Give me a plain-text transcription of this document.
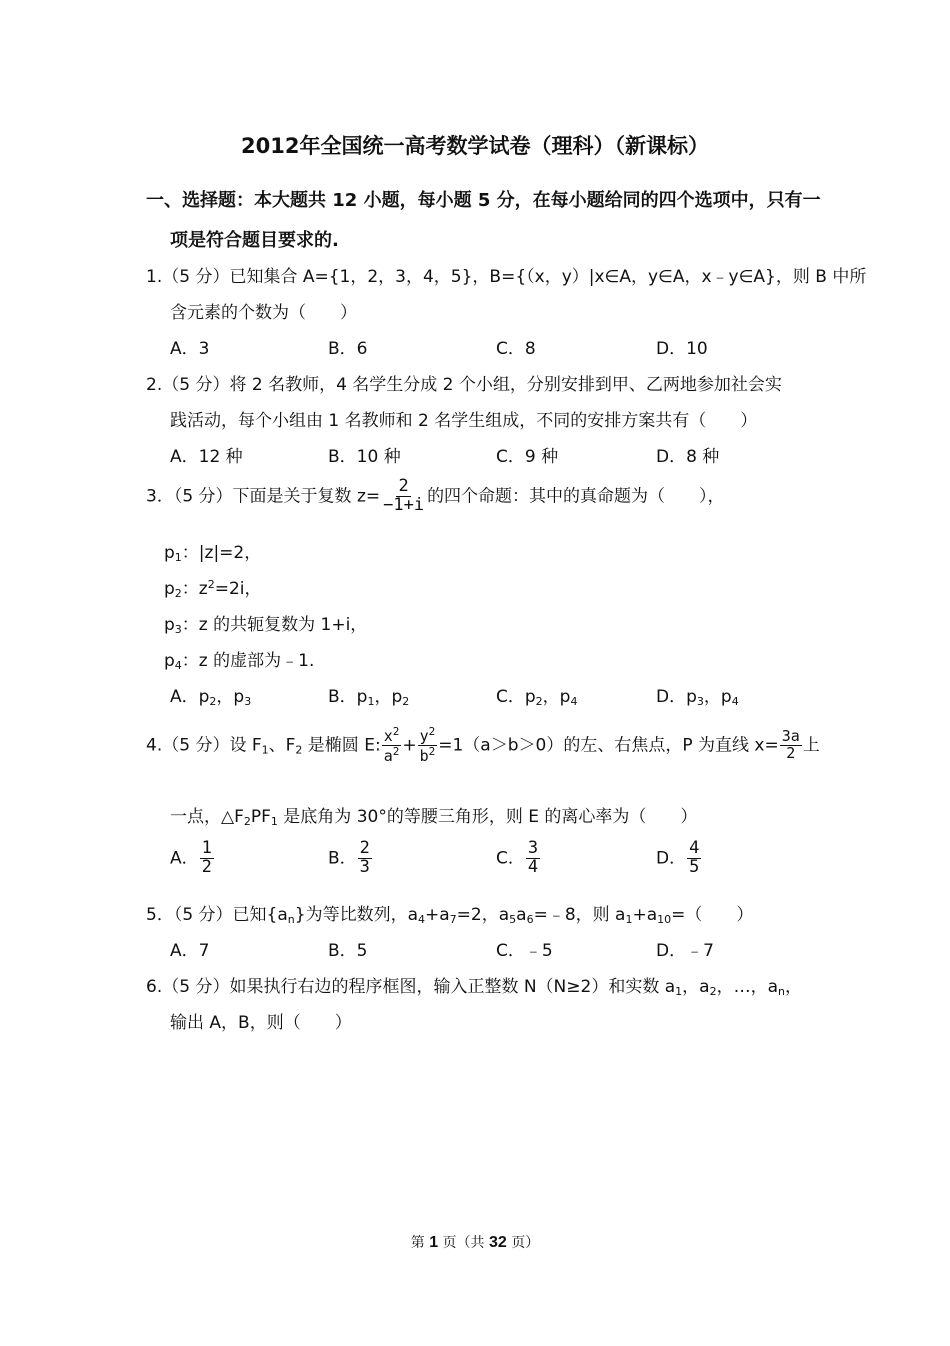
2012年全国统一高考数学试卷（理科）（新课标）
一、选择题：本大题共 12 小题，每小题 5 分，在每小题给同的四个选项中，只有一
项是符合题目要求的.
1.（5 分）已知集合 A={1，2，3，4，5}，B={（x，y）|x∈A，y∈A，x﹣y∈A}，则 B 中所
含元素的个数为（　　）
A．3	B．6	C．8	D．10
2.（5 分）将 2 名教师，4 名学生分成 2 个小组，分别安排到甲、乙两地参加社会实
践活动，每个小组由 1 名教师和 2 名学生组成，不同的安排方案共有（　　）
A．12 种	B．10 种	C．9 种	D．8 种
3．（5 分）下面是关于复数 $z= \frac{2}{-1+i}$ 的四个命题：其中的真命题为（　　），
$p_1$：|z|=2，
$p_2$：$z^2=2i$，
$p_3$：z 的共轭复数为 1+i，
$p_4$：z 的虚部为﹣1.
A．$p_2$，$p_3$	B．$p_1$，$p_2$	C．$p_2$，$p_4$	D．$p_3$，$p_4$
4.（5 分）设 $F_1$、$F_2$ 是椭圆 E: $\frac{x^2}{a^2} + \frac{y^2}{b^2} =1(a>b>0)$的左、右焦点，P 为直线 $x= \frac{3a}{2}$ 上
一点，$\triangle F_2PF_1$ 是底角为 30°的等腰三角形，则 E 的离心率为（　　）
A． $\frac{1}{2}$	B． $\frac{2}{3}$	C． $\frac{3}{4}$	D． $\frac{4}{5}$
5．（5 分）已知$\{a_n\}$为等比数列，$a_4+a_7=2$，$a_5a_6=﹣8$，则 $a_1+a_{10}=$（　　）
A．7	B．5	C．﹣5	D．﹣7
6.（5 分）如果执行右边的程序框图，输入正整数 N（N≥2）和实数 $a_1$，$a_2$，…，$a_n$，
输出 A，B，则（　　）
第 1 页（共 32 页）
